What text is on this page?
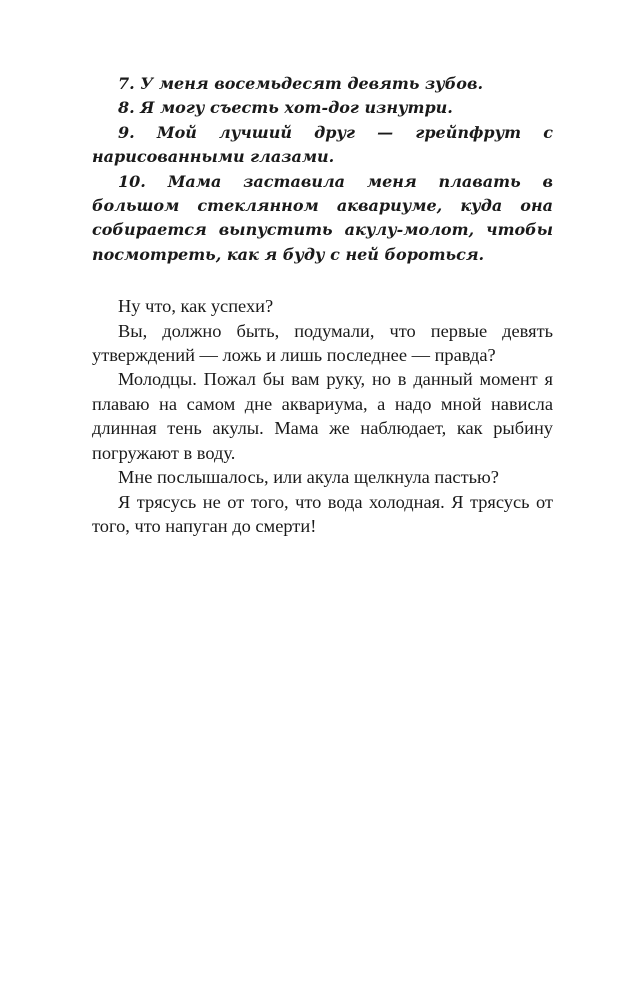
7. У меня восемьдесят девять зубов.

8. Я могу съесть хот-дог изнутри.

9. Мой лучший друг — грейпфрут с нарисованными глазами.

10. Мама заставила меня плавать в большом стеклянном аквариуме, куда она собирается выпустить акулу-молот, чтобы посмотреть, как я буду с ней бороться.

Ну что, как успехи?

Вы, должно быть, подумали, что первые девять утверждений — ложь и лишь последнее — правда?

Молодцы. Пожал бы вам руку, но в данный момент я плаваю на самом дне аквариума, а надо мной нависла длинная тень акулы. Мама же наблюдает, как рыбину погружают в воду.

Мне послышалось, или акула щелкнула пастью?

Я трясусь не от того, что вода холодная. Я трясусь от того, что напуган до смерти!
